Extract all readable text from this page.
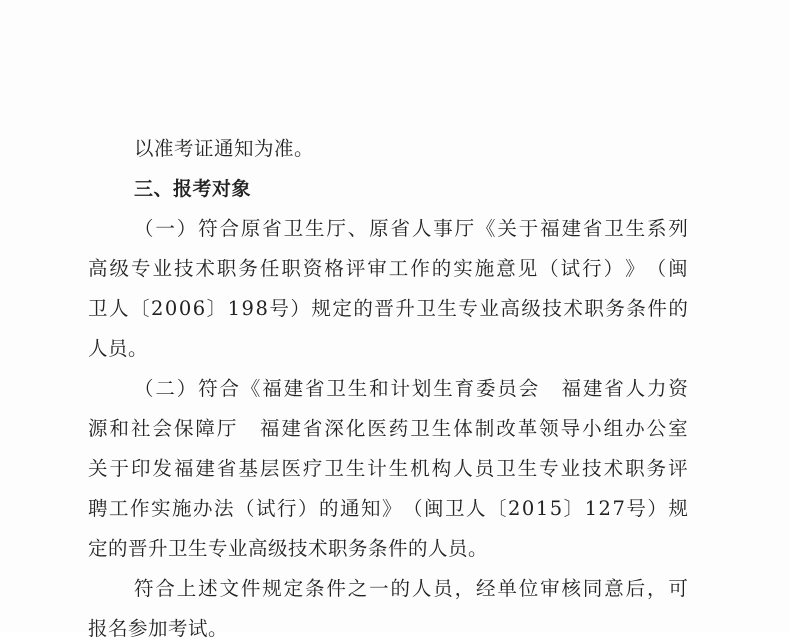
以准考证通知为准。
三、报考对象
（ 一 ） 符 合 原 省 卫 生 厅 、 原 省 人 事 厅 《 关 于 福 建 省 卫 生 系 列
高 级 专 业 技 术 职 务 任 职 资 格 评 审 工 作 的 实 施 意 见 （ 试 行 ） 》 （ 闽
卫 人 〔 2 0 0 6 〕 1 9 8 号 ） 规 定 的 晋 升 卫 生 专 业 高 级 技 术 职 务 条 件 的
人员。
（ 二 ） 符 合 《 福 建 省 卫 生 和 计 划 生 育 委 员 会
　 福 建 省 人 力 资
源 和 社 会 保 障 厅
　 福 建 省 深 化 医 药 卫 生 体 制 改 革 领 导 小 组 办 公 室
关 于 印 发 福 建 省 基 层 医 疗 卫 生 计 生 机 构 人 员 卫 生 专 业 技 术 职 务 评
聘 工 作 实 施 办 法 （ 试 行 ） 的 通 知 》 （ 闽 卫 人 〔 2 0 1 5 〕 1 2 7 号 ） 规
定的晋升卫生专业高级技术职务条件的人员。
符 合 上 述 文 件 规 定 条 件 之 一 的 人 员 ， 经 单 位 审 核 同 意 后 ， 可
报名参加考试。
